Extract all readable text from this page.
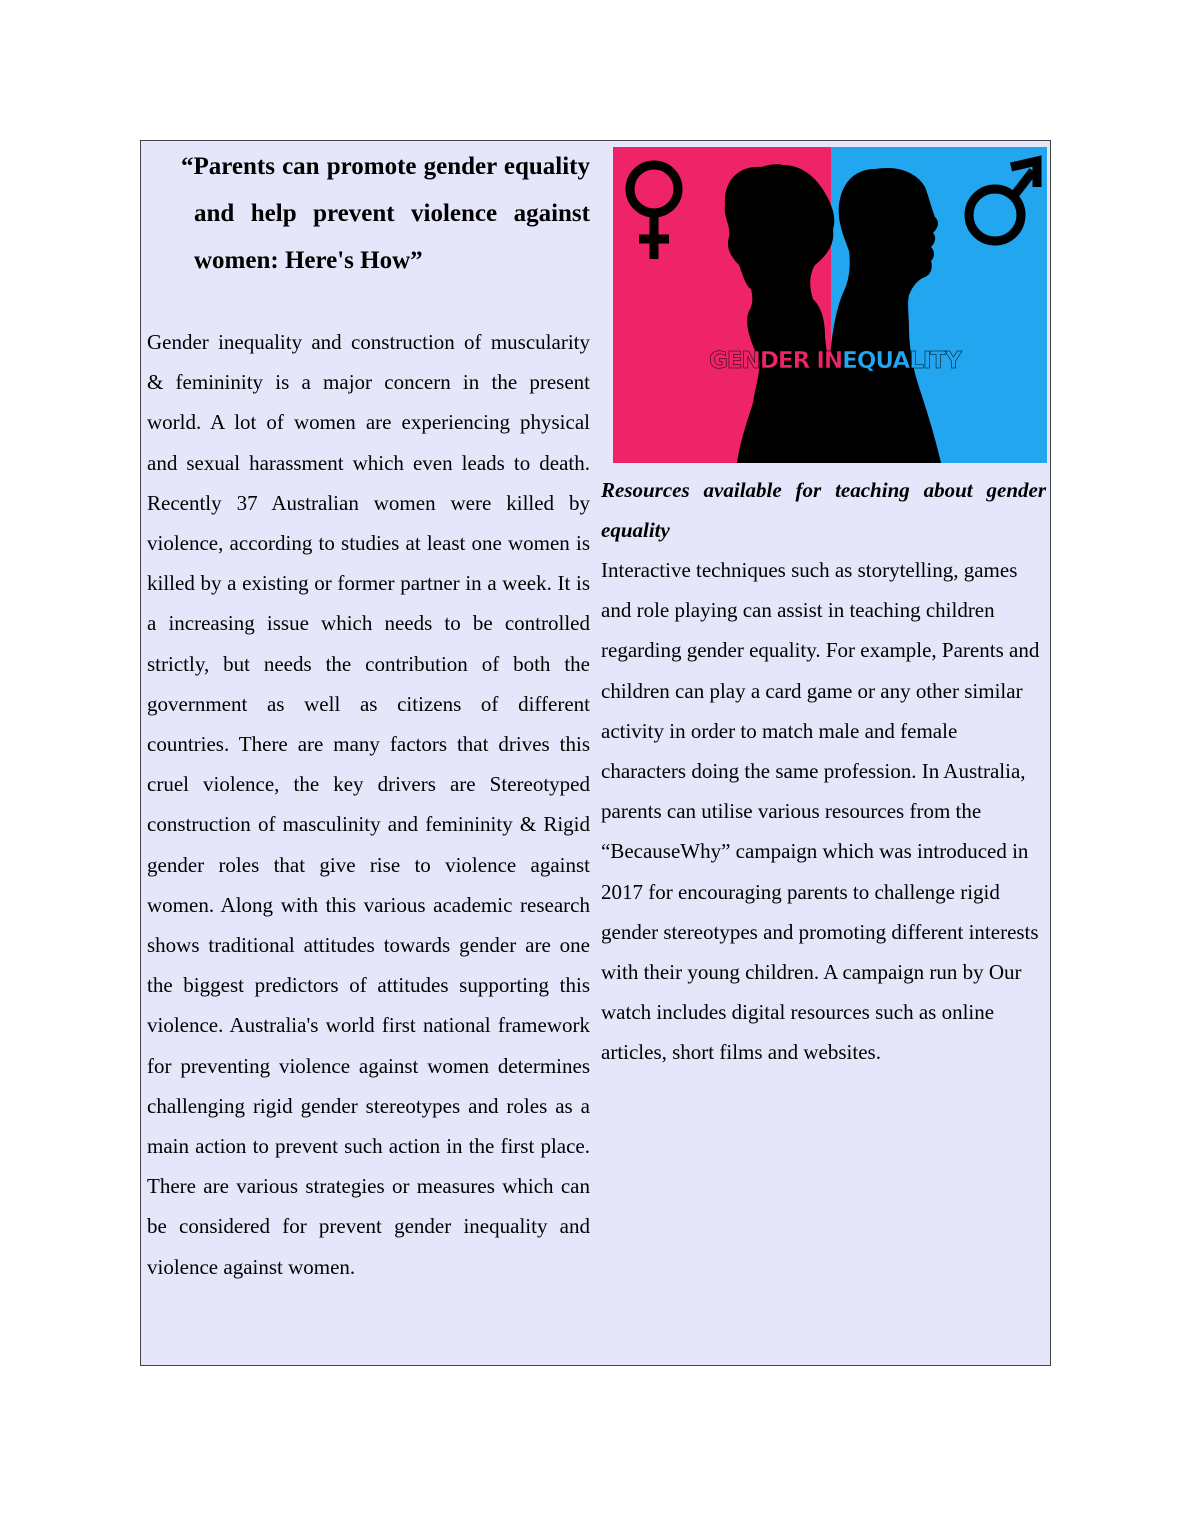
“Parents can promote gender equality and help prevent violence against women: Here's How”

Gender inequality and construction of muscularity & femininity is a major concern in the present world. A lot of women are experiencing physical and sexual harassment which even leads to death. Recently 37 Australian women were killed by violence, according to studies at least one women is killed by a existing or former partner in a week. It is a increasing issue which needs to be controlled strictly, but needs the contribution of both the government as well as citizens of different countries. There are many factors that drives this cruel violence, the key drivers are Stereotyped construction of masculinity and femininity & Rigid gender roles that give rise to violence against women. Along with this various academic research shows traditional attitudes towards gender are one the biggest predictors of attitudes supporting this violence. Australia's world first national framework for preventing violence against women determines challenging rigid gender stereotypes and roles as a main action to prevent such action in the first place. There are various strategies or measures which can be considered for prevent gender inequality and violence against women.

GENDER INEQUALITY

Resources available for teaching about gender equality

Interactive techniques such as storytelling, games and role playing can assist in teaching children regarding gender equality. For example, Parents and children can play a card game or any other similar activity in order to match male and female characters doing the same profession. In Australia, parents can utilise various resources from the “BecauseWhy” campaign which was introduced in 2017 for encouraging parents to challenge rigid gender stereotypes and promoting different interests with their young children. A campaign run by Our watch includes digital resources such as online articles, short films and websites.
